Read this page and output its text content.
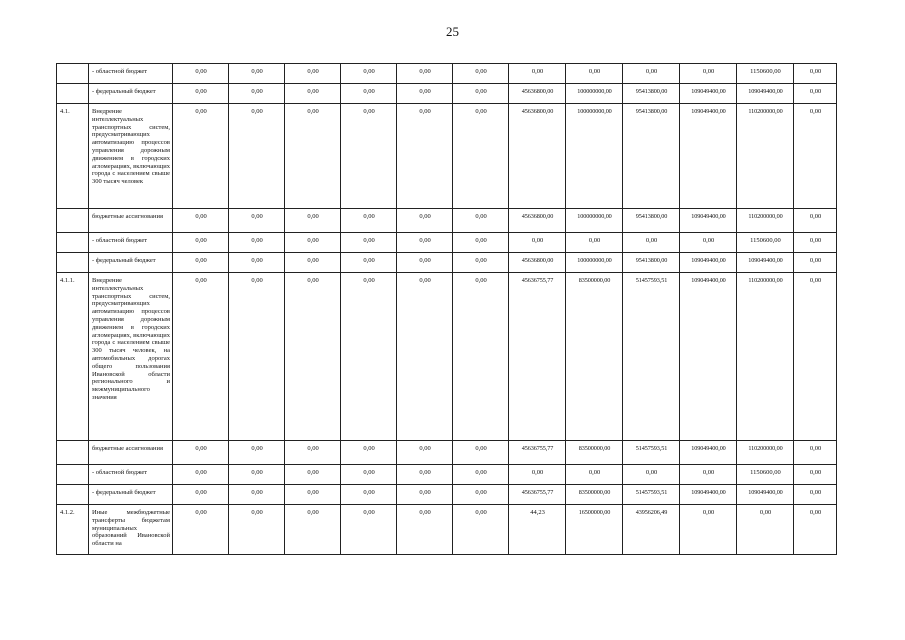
25
	- областной бюджет	0,00	0,00	0,00	0,00	0,00	0,00	0,00	0,00	0,00	0,00	1150600,00	0,00
	- федеральный бюджет	0,00	0,00	0,00	0,00	0,00	0,00	45636800,00	100000000,00	95413800,00	109049400,00	109049400,00	0,00
4.1.	Внедрение интеллектуальных транспортных систем, предусматривающих автоматизацию процессов управления дорожным движением в городских агломерациях, включающих города с населением свыше 300 тысяч человек	0,00	0,00	0,00	0,00	0,00	0,00	45636800,00	100000000,00	95413800,00	109049400,00	110200000,00	0,00
	бюджетные ассигнования	0,00	0,00	0,00	0,00	0,00	0,00	45636800,00	100000000,00	95413800,00	109049400,00	110200000,00	0,00
	- областной бюджет	0,00	0,00	0,00	0,00	0,00	0,00	0,00	0,00	0,00	0,00	1150600,00	0,00
	- федеральный бюджет	0,00	0,00	0,00	0,00	0,00	0,00	45636800,00	100000000,00	95413800,00	109049400,00	109049400,00	0,00
4.1.1.	Внедрение интеллектуальных транспортных систем, предусматривающих автоматизацию процессов управления дорожным движением в городских агломерациях, включающих города с населением свыше 300 тысяч человек, на автомобильных дорогах общего пользования Ивановской области регионального и межмуниципального значения	0,00	0,00	0,00	0,00	0,00	0,00	45636755,77	83500000,00	51457593,51	109049400,00	110200000,00	0,00
	бюджетные ассигнования	0,00	0,00	0,00	0,00	0,00	0,00	45636755,77	83500000,00	51457593,51	109049400,00	110200000,00	0,00
	- областной бюджет	0,00	0,00	0,00	0,00	0,00	0,00	0,00	0,00	0,00	0,00	1150600,00	0,00
	- федеральный бюджет	0,00	0,00	0,00	0,00	0,00	0,00	45636755,77	83500000,00	51457593,51	109049400,00	109049400,00	0,00
4.1.2.	Иные межбюджетные трансферты бюджетам муниципальных образований Ивановской области на	0,00	0,00	0,00	0,00	0,00	0,00	44,23	16500000,00	43956206,49	0,00	0,00	0,00
